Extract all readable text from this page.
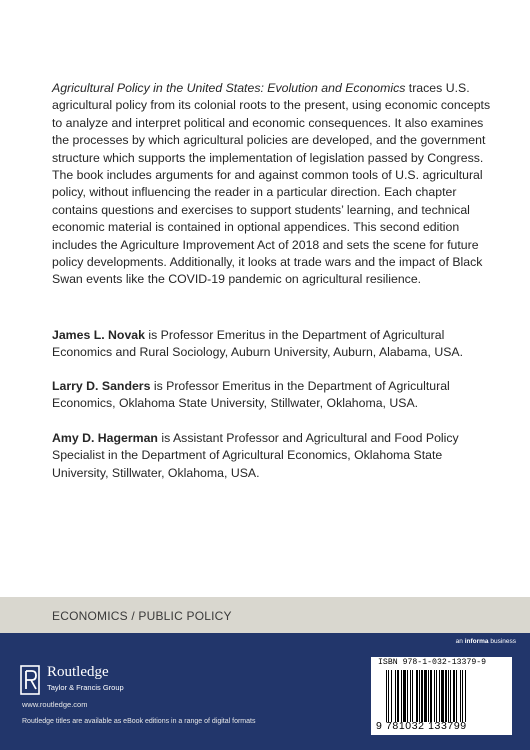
Agricultural Policy in the United States: Evolution and Economics traces U.S. agricultural policy from its colonial roots to the present, using economic concepts to analyze and interpret political and economic consequences. It also examines the processes by which agricultural policies are developed, and the government structure which supports the implementation of legislation passed by Congress. The book includes arguments for and against common tools of U.S. agricultural policy, without influencing the reader in a particular direction. Each chapter contains questions and exercises to support students’ learning, and technical economic material is contained in optional appendices. This second edition includes the Agriculture Improvement Act of 2018 and sets the scene for future policy developments. Additionally, it looks at trade wars and the impact of Black Swan events like the COVID-19 pandemic on agricultural resilience.
James L. Novak is Professor Emeritus in the Department of Agricultural Economics and Rural Sociology, Auburn University, Auburn, Alabama, USA.
Larry D. Sanders is Professor Emeritus in the Department of Agricultural Economics, Oklahoma State University, Stillwater, Oklahoma, USA.
Amy D. Hagerman is Assistant Professor and Agricultural and Food Policy Specialist in the Department of Agricultural Economics, Oklahoma State University, Stillwater, Oklahoma, USA.
ECONOMICS / PUBLIC POLICY
an informa business
Routledge
Taylor & Francis Group
www.routledge.com
Routledge titles are available as eBook editions in a range of digital formats
ISBN 978-1-032-13379-9
9 781032 133799
